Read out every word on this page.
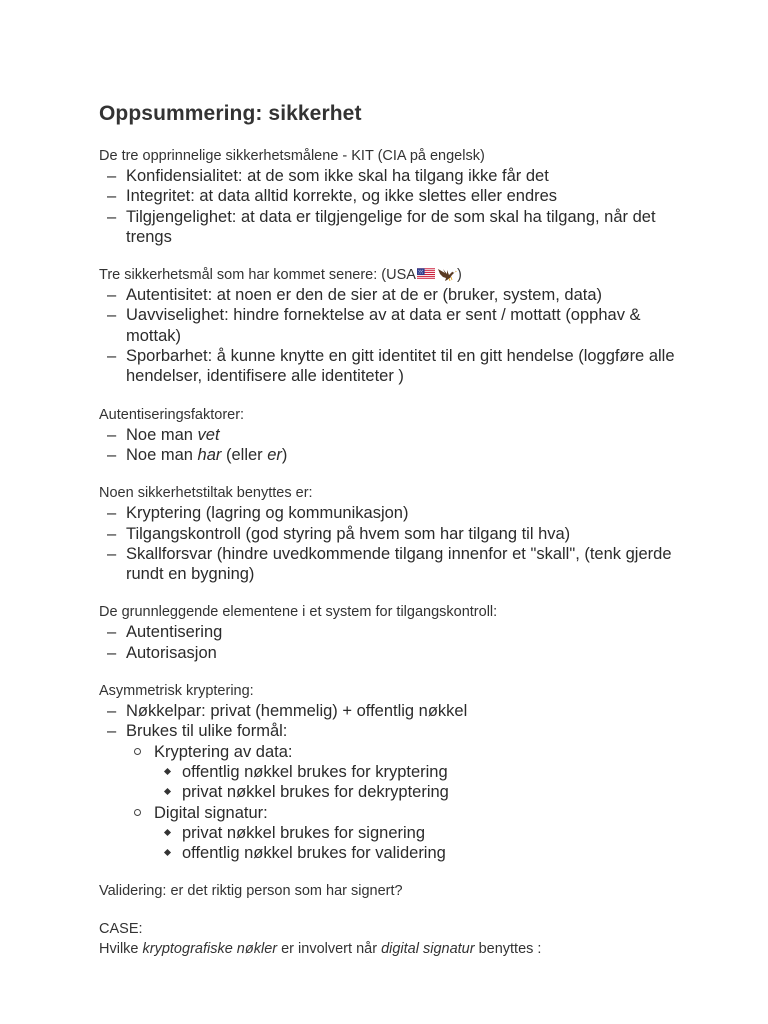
Oppsummering: sikkerhet
De tre opprinnelige sikkerhetsmålene - KIT (CIA på engelsk)
– Konfidensialitet: at de som ikke skal ha tilgang ikke får det
– Integritet: at data alltid korrekte, og ikke slettes eller endres
– Tilgjengelighet: at data er tilgjengelige for de som skal ha tilgang, når det trengs
Tre sikkerhetsmål som har kommet senere: (USA	)
– Autentisitet: at noen er den de sier at de er (bruker, system, data)
– Uavviselighet: hindre fornektelse av at data er sent / mottatt (opphav & mottak)
– Sporbarhet: å kunne knytte en gitt identitet til en gitt hendelse (loggføre alle hendelser, identifisere alle identiteter )
Autentiseringsfaktorer:
– Noe man vet
– Noe man har (eller er)
Noen sikkerhetstiltak benyttes er:
– Kryptering (lagring og kommunikasjon)
– Tilgangskontroll (god styring på hvem som har tilgang til hva)
– Skallforsvar (hindre uvedkommende tilgang innenfor et "skall", (tenk gjerde rundt en bygning)
De grunnleggende elementene i et system for tilgangskontroll:
– Autentisering
– Autorisasjon
Asymmetrisk kryptering:
– Nøkkelpar: privat (hemmelig) + offentlig nøkkel
– Brukes til ulike formål:
Kryptering av data:
offentlig nøkkel brukes for kryptering
privat nøkkel brukes for dekryptering
Digital signatur:
privat nøkkel brukes for signering
offentlig nøkkel brukes for validering
Validering: er det riktig person som har signert?
CASE:
Hvilke kryptografiske nøkler er involvert når digital signatur benyttes :
